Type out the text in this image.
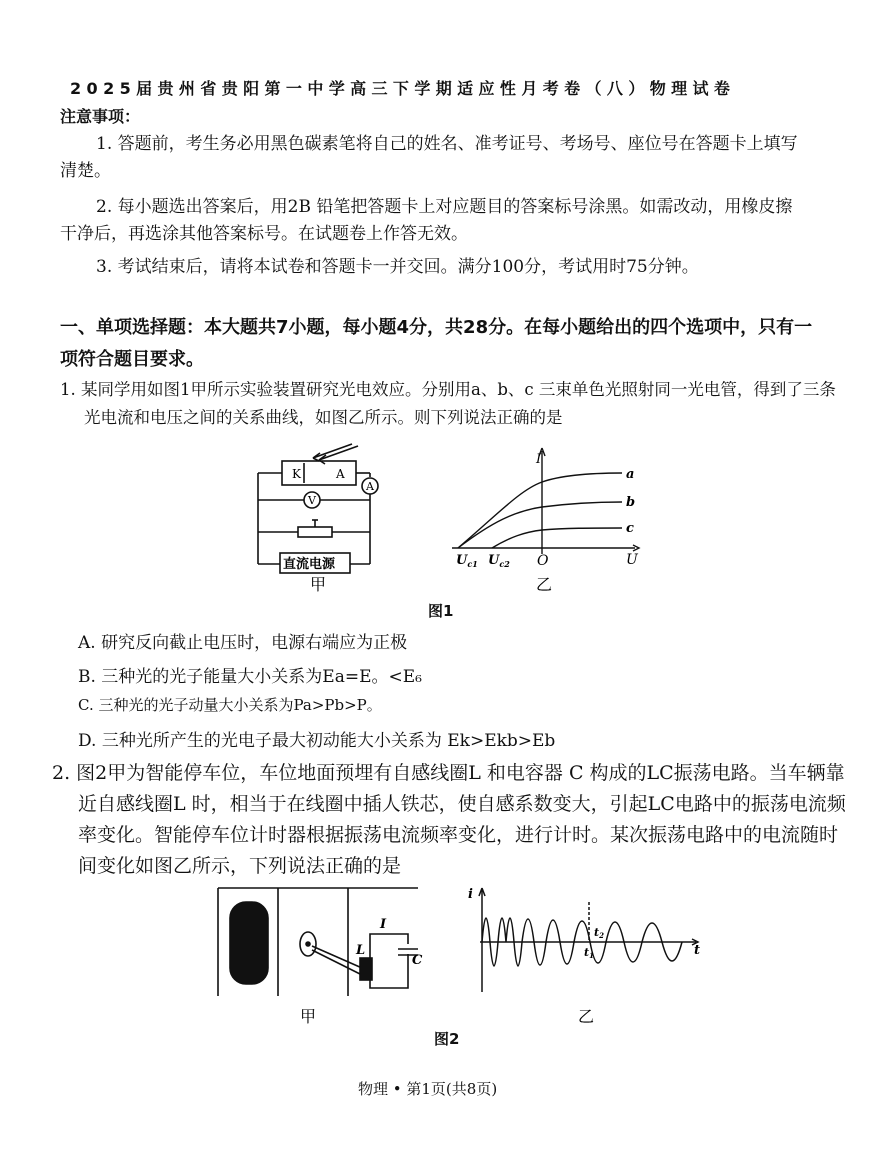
2025届贵州省贵阳第一中学高三下学期适应性月考卷（八）物理试卷
注意事项：
1. 答题前，考生务必用黑色碳素笔将自己的姓名、准考证号、考场号、座位号在答题卡上填写清楚。
2. 每小题选出答案后，用2B 铅笔把答题卡上对应题目的答案标号涂黑。如需改动，用橡皮擦干净后，再选涂其他答案标号。在试题卷上作答无效。
3. 考试结束后，请将本试卷和答题卡一并交回。满分100分，考试用时75分钟。
一、单项选择题：本大题共7小题，每小题4分，共28分。在每小题给出的四个选项中，只有一项符合题目要求。
1. 某同学用如图1甲所示实验装置研究光电效应。分别用a、b、c 三束单色光照射同一光电管，得到了三条光电流和电压之间的关系曲线，如图乙所示。则下列说法正确的是
K	A
A
V
直流电源
甲
I
U
O
$U_{c1}$ $U_{c2}$
a
b
c
乙
图1
A. 研究反向截止电压时，电源右端应为正极
B. 三种光的光子能量大小关系为Ea=E。<E₆
C. 三种光的光子动量大小关系为Pa>Pb>P。
D. 三种光所产生的光电子最大初动能大小关系为 Ek>Ekb>Eb
2. 图2甲为智能停车位，车位地面预埋有自感线圈L 和电容器 C 构成的LC振荡电路。当车辆靠近自感线圈L 时，相当于在线圈中插人铁芯，使自感系数变大，引起LC电路中的振荡电流频率变化。智能停车位计时器根据振荡电流频率变化，进行计时。某次振荡电路中的电流随时间变化如图乙所示，下列说法正确的是
I
L
C
甲
i
t
t1
t2
乙
图2
物理 • 第1页(共8页)
